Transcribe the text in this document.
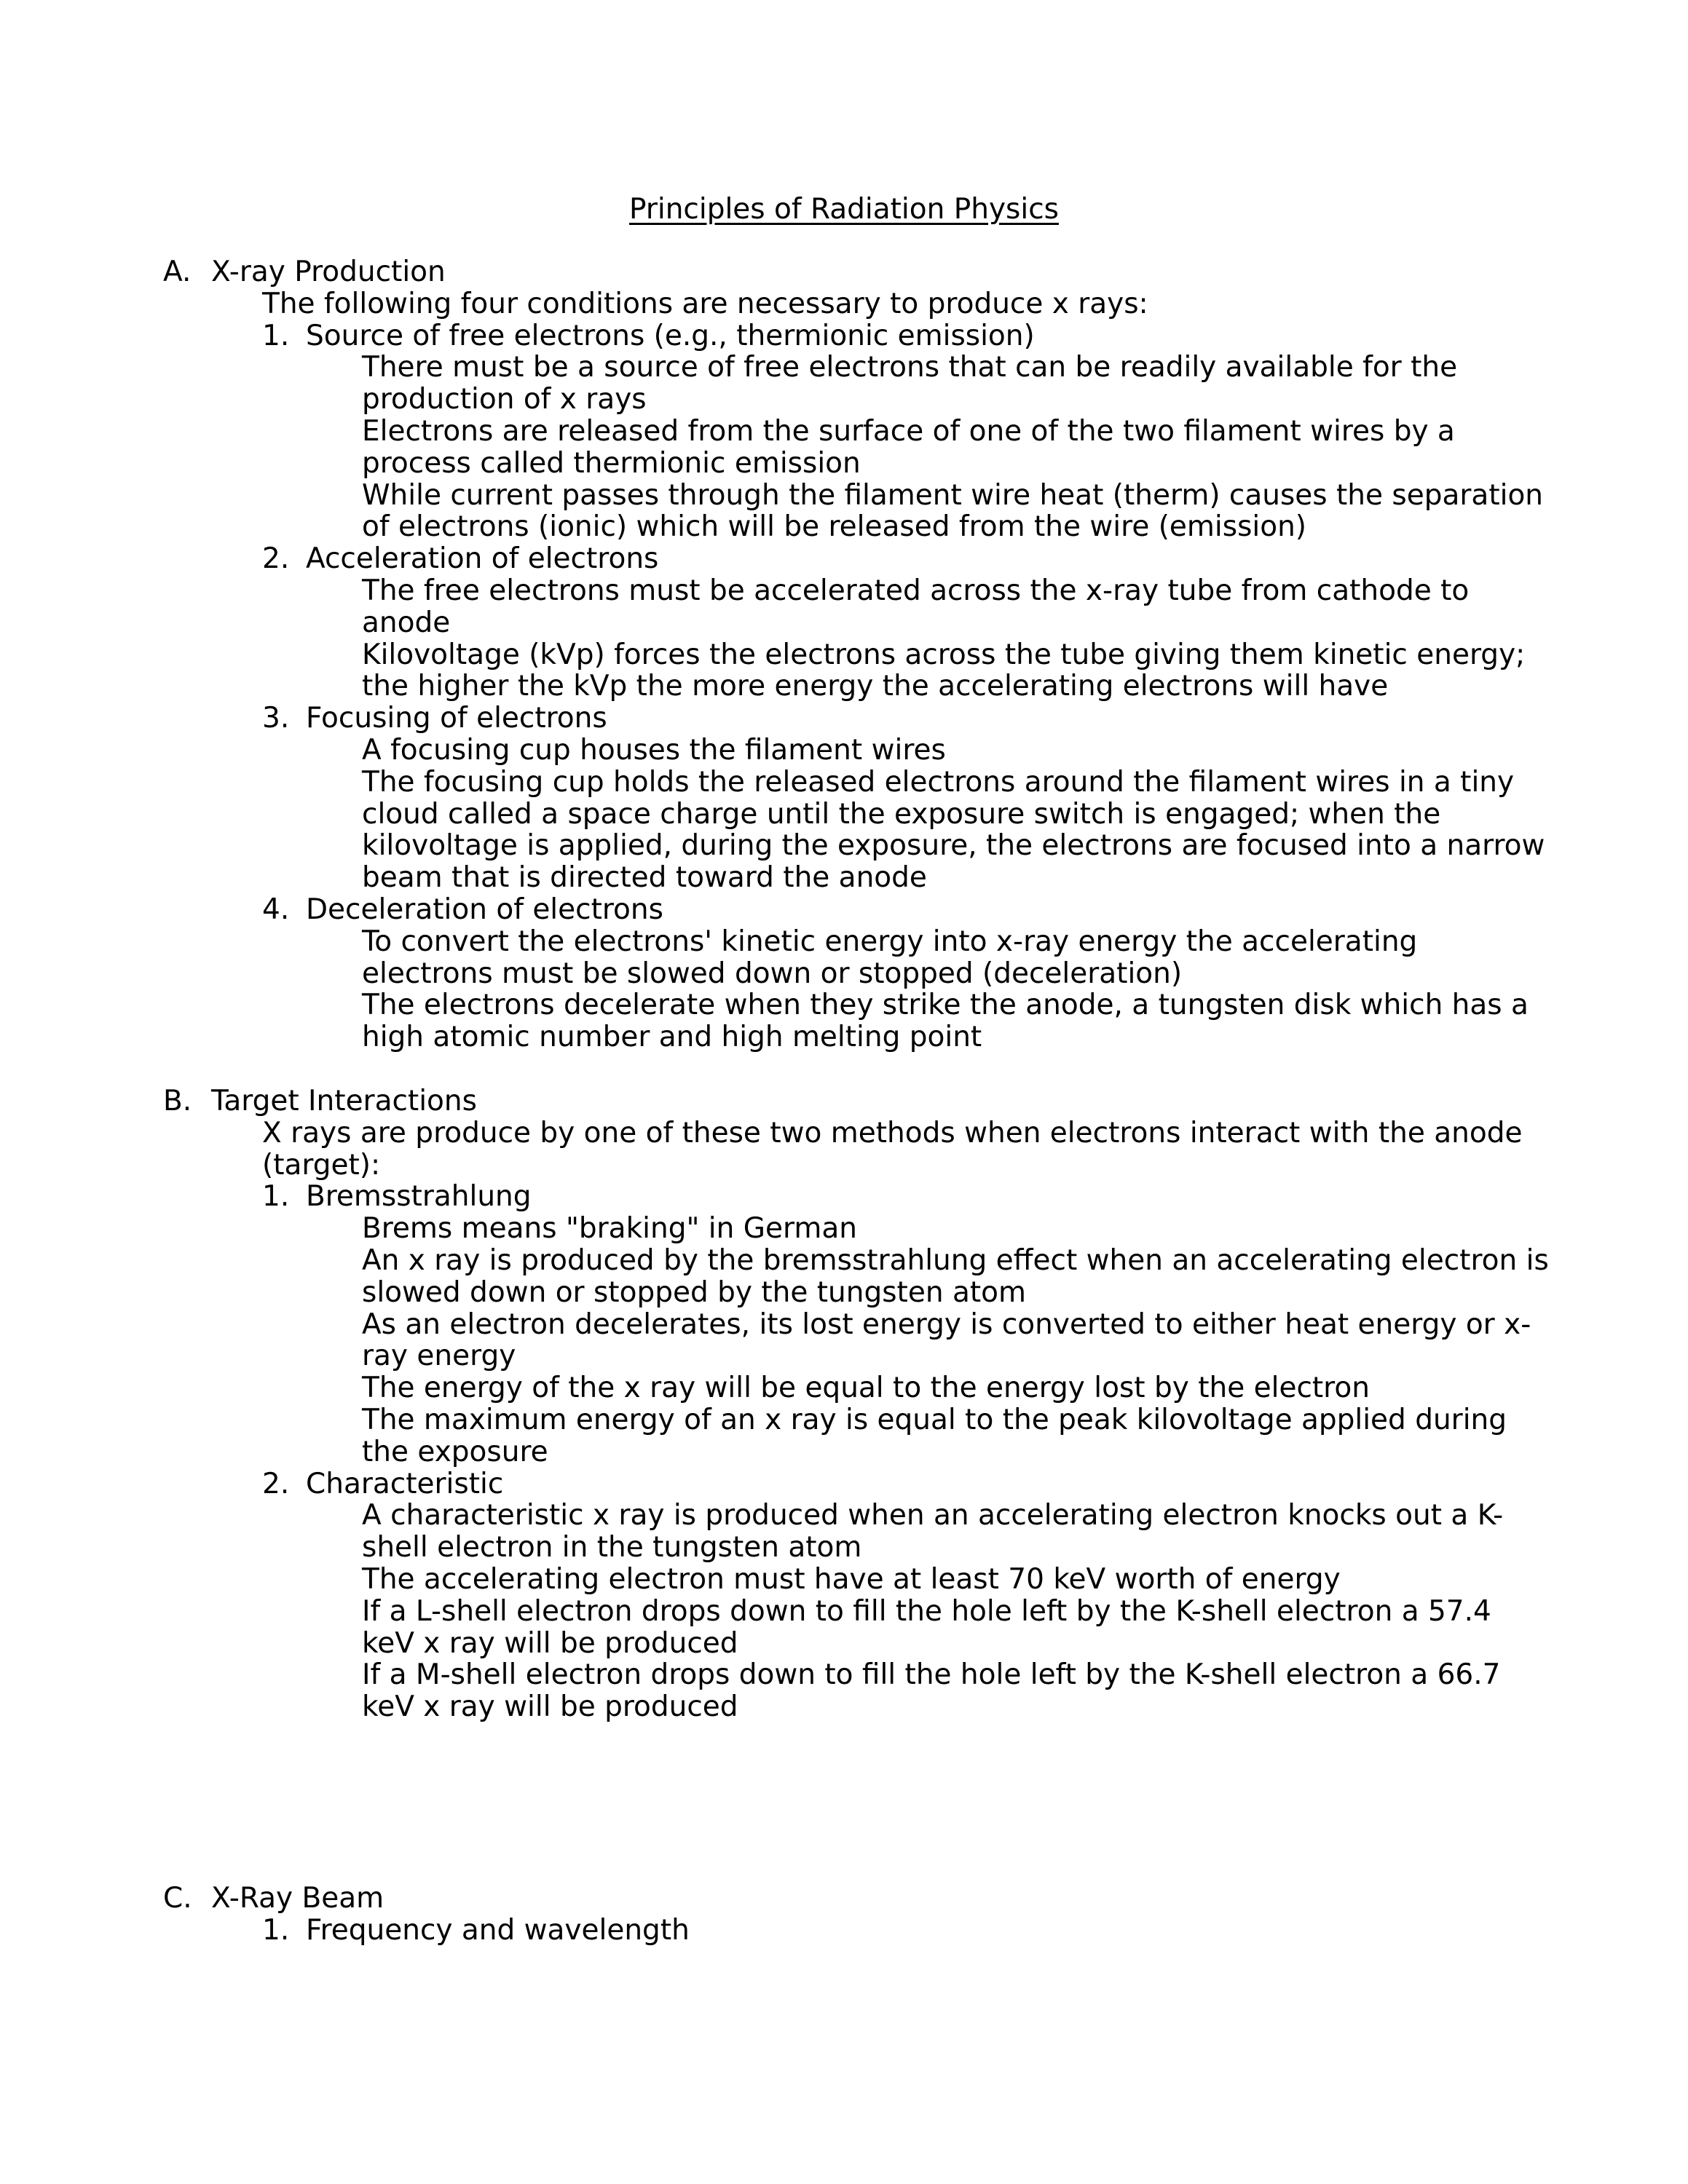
Principles of Radiation Physics
A. X-ray Production
The following four conditions are necessary to produce x rays:
1. Source of free electrons (e.g., thermionic emission)
There must be a source of free electrons that can be readily available for the
production of x rays
Electrons are released from the surface of one of the two filament wires by a
process called thermionic emission
While current passes through the filament wire heat (therm) causes the separation
of electrons (ionic) which will be released from the wire (emission)
2. Acceleration of electrons
The free electrons must be accelerated across the x-ray tube from cathode to
anode
Kilovoltage (kVp) forces the electrons across the tube giving them kinetic energy;
the higher the kVp the more energy the accelerating electrons will have
3. Focusing of electrons
A focusing cup houses the filament wires
The focusing cup holds the released electrons around the filament wires in a tiny
cloud called a space charge until the exposure switch is engaged; when the
kilovoltage is applied, during the exposure, the electrons are focused into a narrow
beam that is directed toward the anode
4. Deceleration of electrons
To convert the electrons' kinetic energy into x-ray energy the accelerating
electrons must be slowed down or stopped (deceleration)
The electrons decelerate when they strike the anode, a tungsten disk which has a
high atomic number and high melting point
B. Target Interactions
X rays are produce by one of these two methods when electrons interact with the anode
(target):
1. Bremsstrahlung
Brems means "braking" in German
An x ray is produced by the bremsstrahlung effect when an accelerating electron is
slowed down or stopped by the tungsten atom
As an electron decelerates, its lost energy is converted to either heat energy or x-
ray energy
The energy of the x ray will be equal to the energy lost by the electron
The maximum energy of an x ray is equal to the peak kilovoltage applied during
the exposure
2. Characteristic
A characteristic x ray is produced when an accelerating electron knocks out a K-
shell electron in the tungsten atom
The accelerating electron must have at least 70 keV worth of energy
If a L-shell electron drops down to fill the hole left by the K-shell electron a 57.4
keV x ray will be produced
If a M-shell electron drops down to fill the hole left by the K-shell electron a 66.7
keV x ray will be produced
C. X-Ray Beam
1. Frequency and wavelength
